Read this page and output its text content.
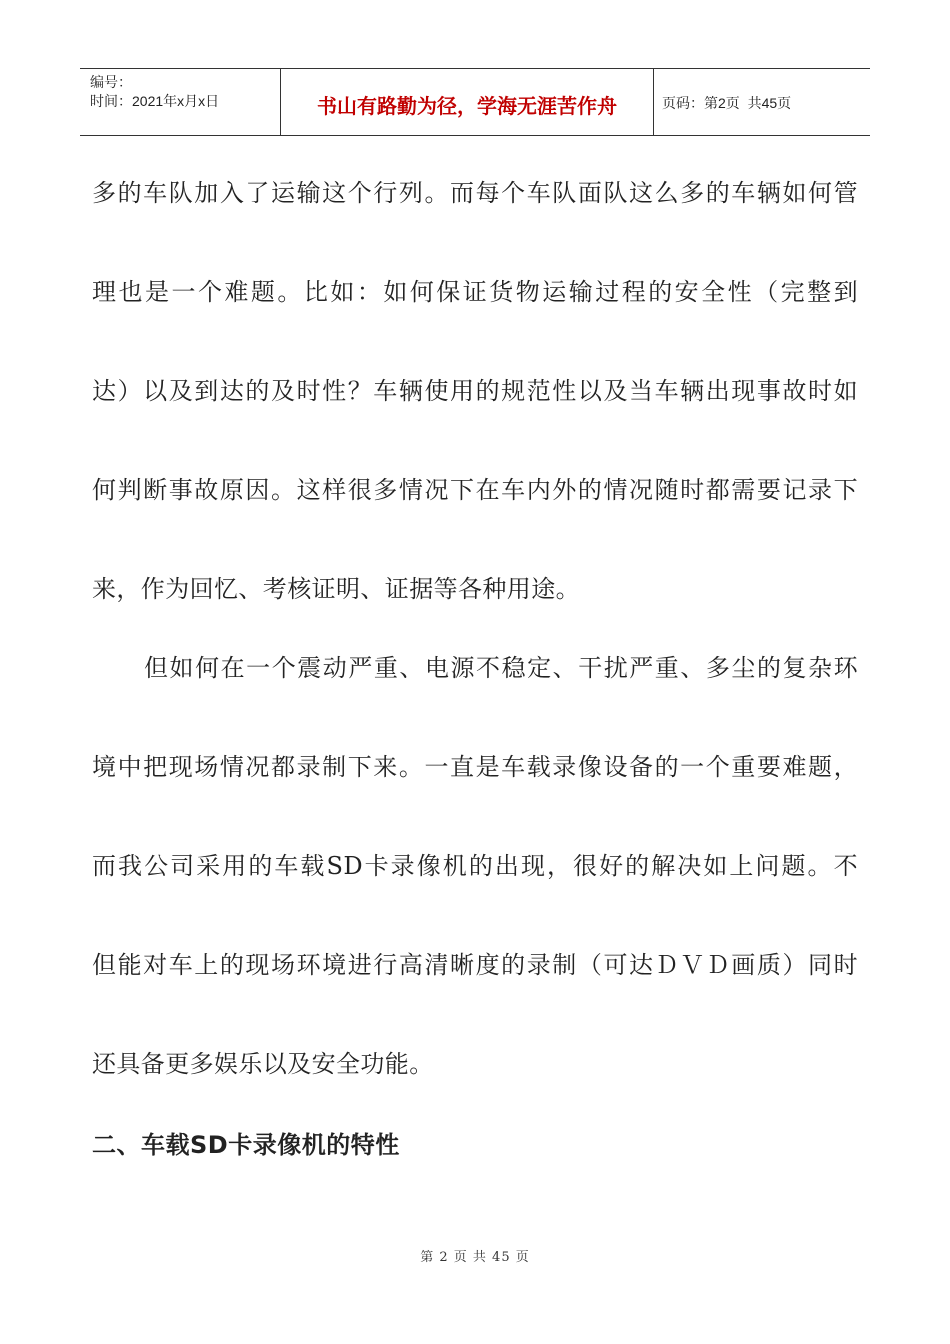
编号：
时间：2021年x月x日	书山有路勤为径，学海无涯苦作舟	页码：第2页  共45页
多的车队加入了运输这个行列。而每个车队面队这么多的车辆如何管
理也是一个难题。比如：如何保证货物运输过程的安全性（完整到
达）以及到达的及时性？车辆使用的规范性以及当车辆出现事故时如
何判断事故原因。这样很多情况下在车内外的情况随时都需要记录下
来，作为回忆、考核证明、证据等各种用途。
但如何在一个震动严重、电源不稳定、干扰严重、多尘的复杂环
境中把现场情况都录制下来。一直是车载录像设备的一个重要难题，
而我公司采用的车载SD卡录像机的出现，很好的解决如上问题。不
但能对车上的现场环境进行高清晰度的录制（可达ＤＶＤ画质）同时
还具备更多娱乐以及安全功能。
二、车载SD卡录像机的特性
第 2 页 共 45 页
